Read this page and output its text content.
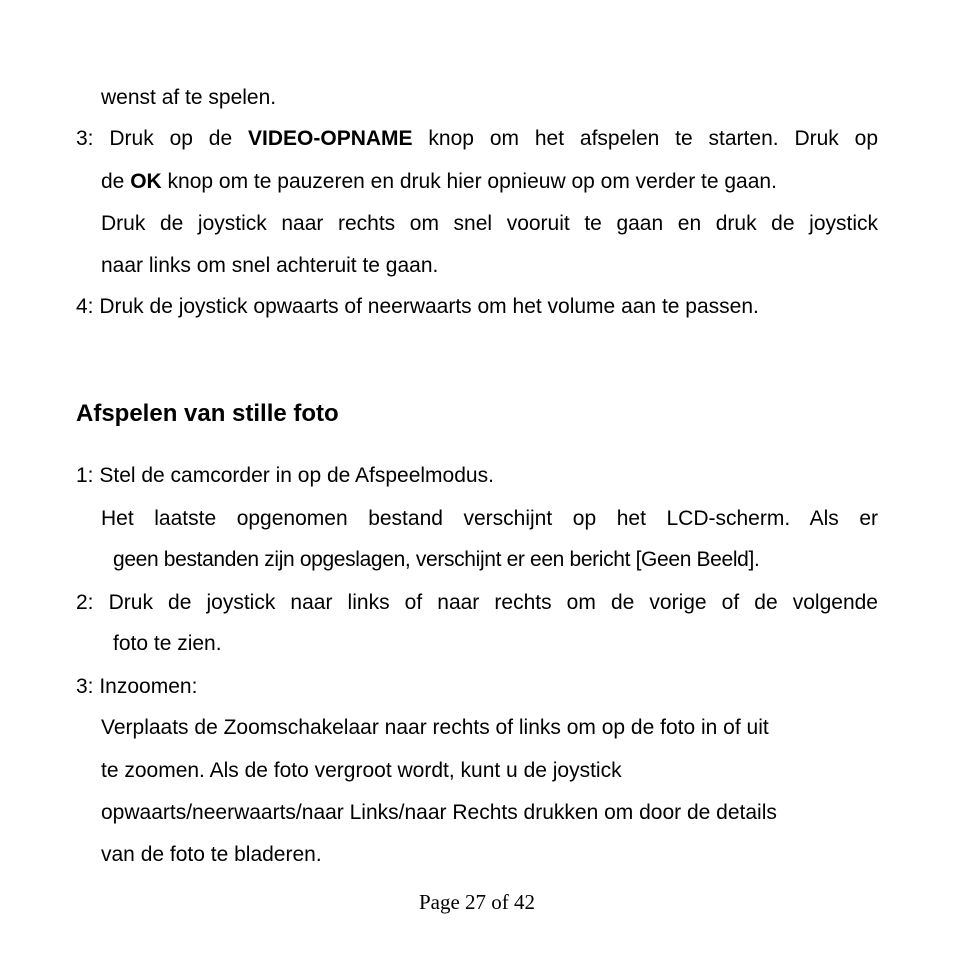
wenst af te spelen.
3: Druk op de VIDEO-OPNAME knop om het afspelen te starten. Druk op
de OK knop om te pauzeren en druk hier opnieuw op om verder te gaan.
Druk de joystick naar rechts om snel vooruit te gaan en druk de joystick
naar links om snel achteruit te gaan.
4: Druk de joystick opwaarts of neerwaarts om het volume aan te passen.
Afspelen van stille foto
1: Stel de camcorder in op de Afspeelmodus.
Het laatste opgenomen bestand verschijnt op het LCD-scherm. Als er
geen bestanden zijn opgeslagen, verschijnt er een bericht [Geen Beeld].
2: Druk de joystick naar links of naar rechts om de vorige of de volgende
foto te zien.
3: Inzoomen:
Verplaats de Zoomschakelaar naar rechts of links om op de foto in of uit
te zoomen. Als de foto vergroot wordt, kunt u de joystick
opwaarts/neerwaarts/naar Links/naar Rechts drukken om door de details
van de foto te bladeren.
Page 27 of 42
